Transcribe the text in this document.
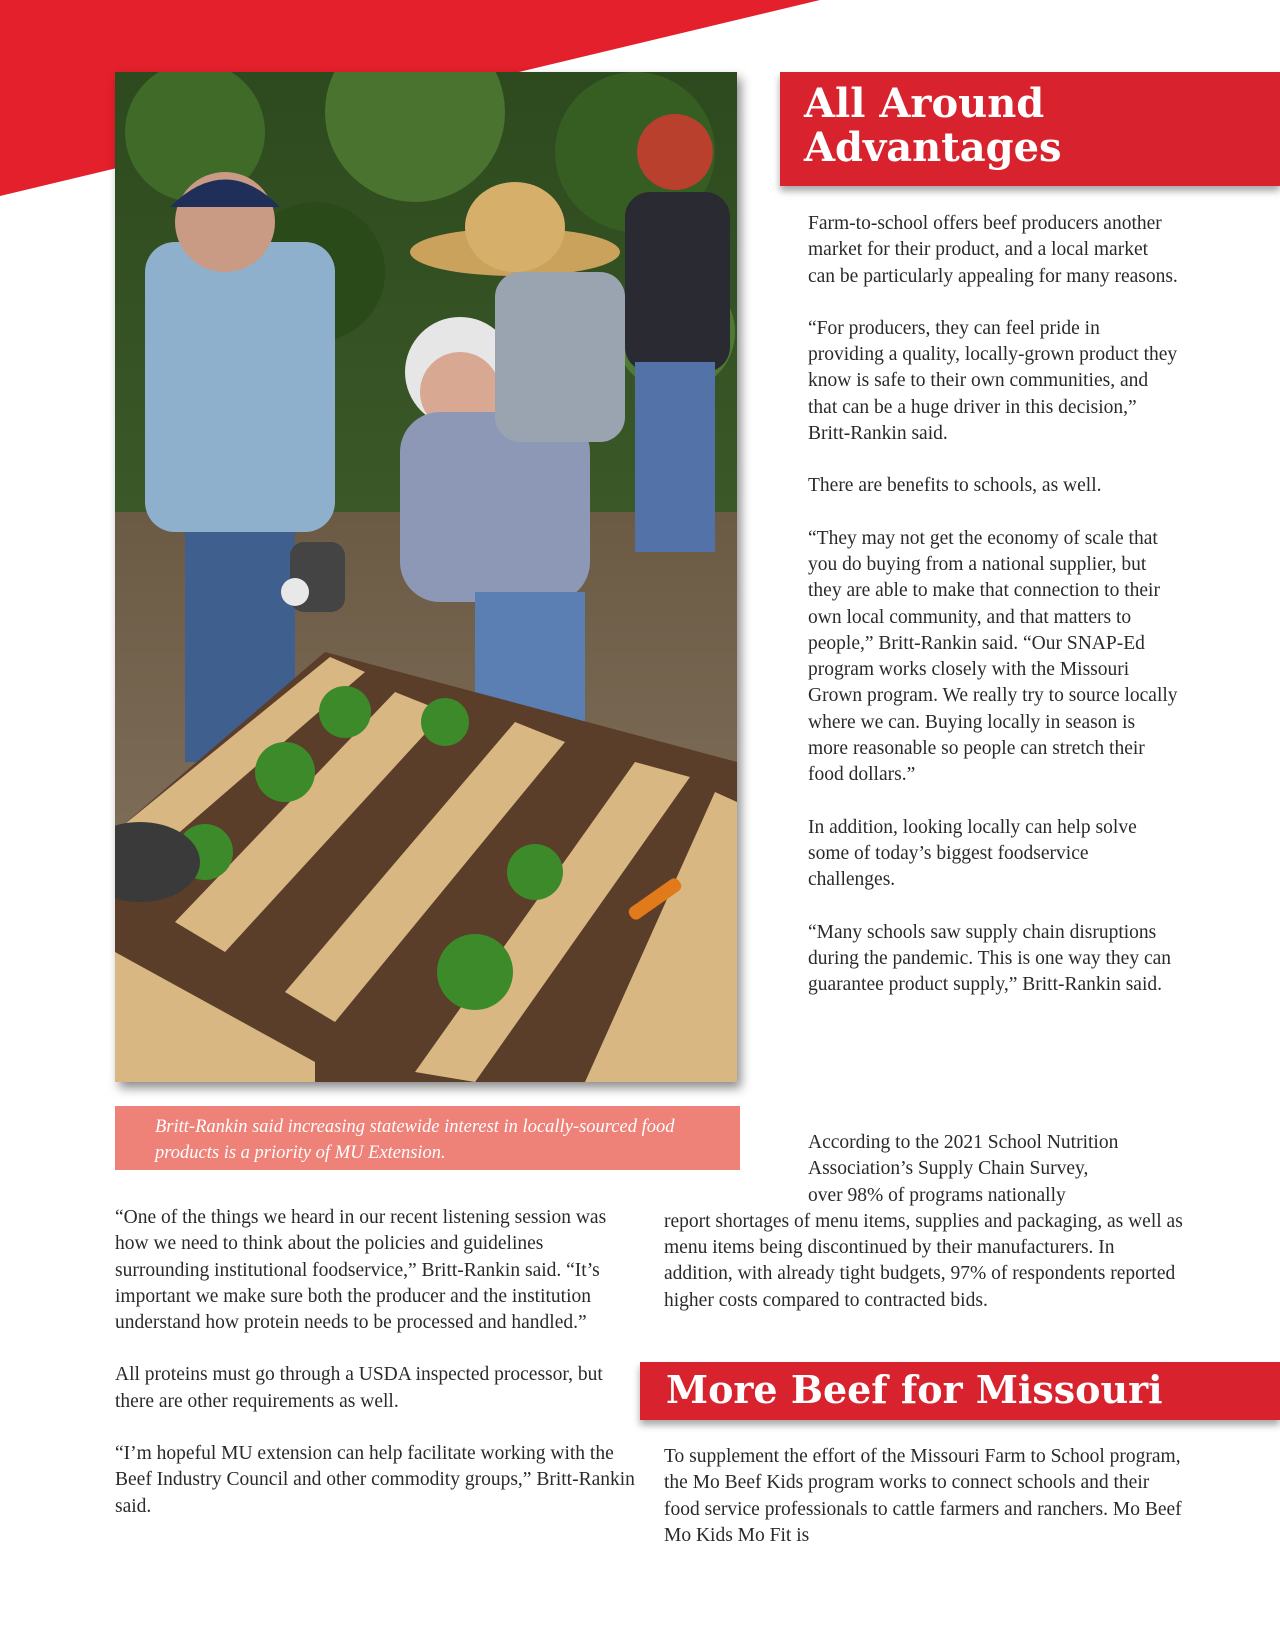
Britt-Rankin said increasing statewide interest in locally-sourced food products is a priority of MU Extension.
All Around Advantages

Farm-to-school offers beef producers another market for their product, and a local market can be particularly appealing for many reasons.

“For producers, they can feel pride in providing a quality, locally-grown product they know is safe to their own communities, and that can be a huge driver in this decision,” Britt-Rankin said.

There are benefits to schools, as well.

“They may not get the economy of scale that you do buying from a national supplier, but they are able to make that connection to their own local community, and that matters to people,” Britt-Rankin said. “Our SNAP-Ed program works closely with the Missouri Grown program. We really try to source locally where we can. Buying locally in season is more reasonable so people can stretch their food dollars.”

In addition, looking locally can help solve some of today’s biggest foodservice challenges.

“Many schools saw supply chain disruptions during the pandemic. This is one way they can guarantee product supply,” Britt-Rankin said.

According to the 2021 School Nutrition
Association’s Supply Chain Survey,
over 98% of programs nationally
report shortages of menu items, supplies and packaging, as well as menu items being discontinued by their manufacturers. In addition, with already tight budgets, 97% of respondents reported higher costs compared to contracted bids.

“One of the things we heard in our recent listening session was how we need to think about the policies and guidelines surrounding institutional foodservice,” Britt-Rankin said. “It’s important we make sure both the producer and the institution understand how protein needs to be processed and handled.”

All proteins must go through a USDA inspected processor, but there are other requirements as well.

“I’m hopeful MU extension can help facilitate working with the Beef Industry Council and other commodity groups,” Britt-Rankin said.

More Beef for Missouri

To supplement the effort of the Missouri Farm to School program, the Mo Beef Kids program works to connect schools and their food service professionals to cattle farmers and ranchers. Mo Beef Mo Kids Mo Fit is
